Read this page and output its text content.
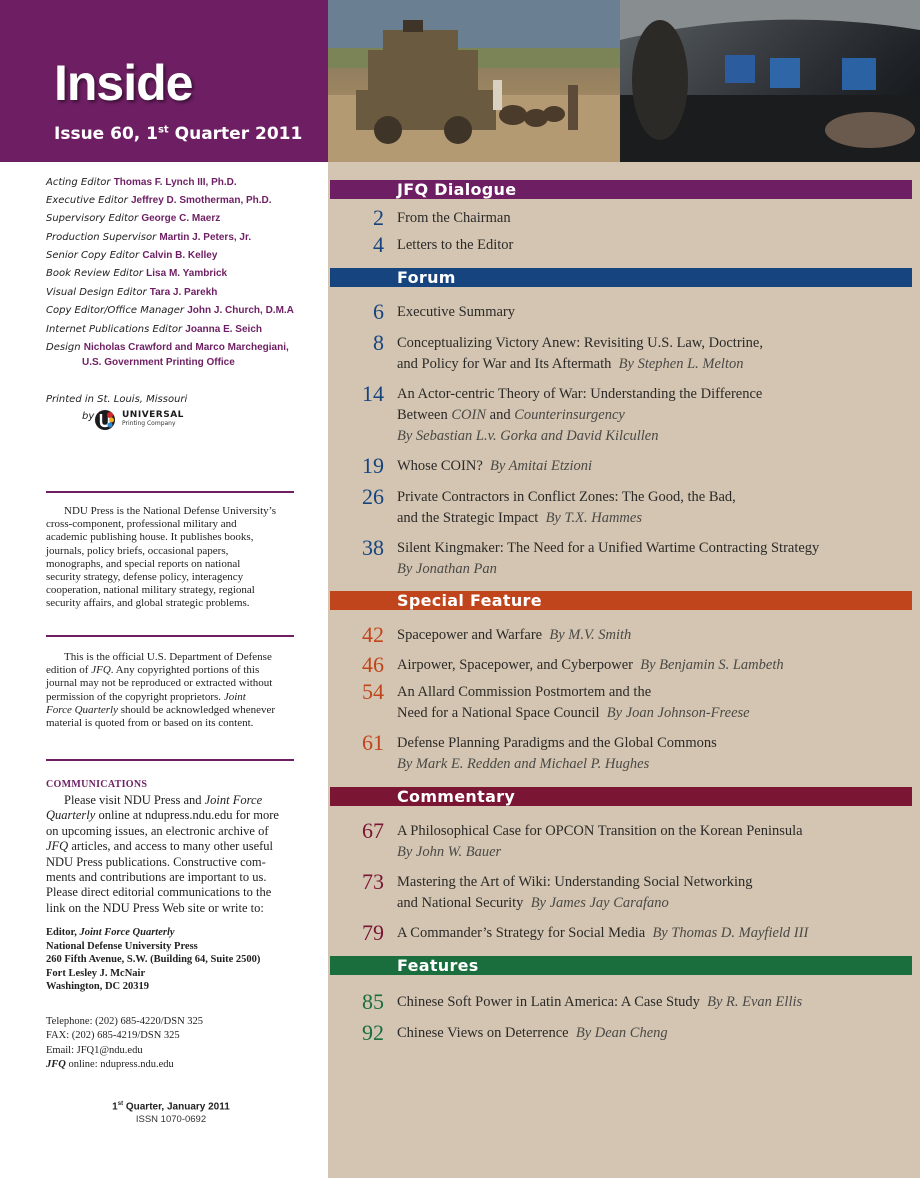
Inside
Issue 60, 1st Quarter 2011
JFQ Dialogue
2 From the Chairman
4 Letters to the Editor
Forum
6 Executive Summary
8 Conceptualizing Victory Anew: Revisiting U.S. Law, Doctrine,
and Policy for War and Its Aftermath By Stephen L. Melton
14 An Actor-centric Theory of War: Understanding the Difference
Between COIN and Counterinsurgency
By Sebastian L.v. Gorka and David Kilcullen
19 Whose COIN? By Amitai Etzioni
26 Private Contractors in Conflict Zones: The Good, the Bad,
and the Strategic Impact By T.X. Hammes
38 Silent Kingmaker: The Need for a Unified Wartime Contracting Strategy
By Jonathan Pan
Special Feature
42 Spacepower and Warfare By M.V. Smith
46 Airpower, Spacepower, and Cyberpower By Benjamin S. Lambeth
54 An Allard Commission Postmortem and the
Need for a National Space Council By Joan Johnson-Freese
61 Defense Planning Paradigms and the Global Commons
By Mark E. Redden and Michael P. Hughes
Commentary
67 A Philosophical Case for OPCON Transition on the Korean Peninsula
By John W. Bauer
73 Mastering the Art of Wiki: Understanding Social Networking
and National Security By James Jay Carafano
79 A Commander’s Strategy for Social Media By Thomas D. Mayfield III
Features
85 Chinese Soft Power in Latin America: A Case Study By R. Evan Ellis
92 Chinese Views on Deterrence By Dean Cheng
Acting Editor Thomas F. Lynch III, Ph.D.
Executive Editor Jeffrey D. Smotherman, Ph.D.
Supervisory Editor George C. Maerz
Production Supervisor Martin J. Peters, Jr.
Senior Copy Editor Calvin B. Kelley
Book Review Editor Lisa M. Yambrick
Visual Design Editor Tara J. Parekh
Copy Editor/Office Manager John J. Church, D.M.A
Internet Publications Editor Joanna E. Seich
Design Nicholas Crawford and Marco Marchegiani,
U.S. Government Printing Office
Printed in St. Louis, Missouri
by	UNIVERSAL
Printing Company
NDU Press is the National Defense University’s
cross-component, professional military and
academic publishing house. It publishes books,
journals, policy briefs, occasional papers,
monographs, and special reports on national
security strategy, defense policy, interagency
cooperation, national military strategy, regional
security affairs, and global strategic problems.
This is the official U.S. Department of Defense
edition of JFQ. Any copyrighted portions of this
journal may not be reproduced or extracted without
permission of the copyright proprietors. Joint
Force Quarterly should be acknowledged whenever
material is quoted from or based on its content.
COMMUNICATIONS
Please visit NDU Press and Joint Force
Quarterly online at ndupress.ndu.edu for more
on upcoming issues, an electronic archive of
JFQ articles, and access to many other useful
NDU Press publications. Constructive com-
ments and contributions are important to us.
Please direct editorial communications to the
link on the NDU Press Web site or write to:
Editor, Joint Force Quarterly
National Defense University Press
260 Fifth Avenue, S.W. (Building 64, Suite 2500)
Fort Lesley J. McNair
Washington, DC 20319
Telephone: (202) 685-4220/DSN 325
FAX: (202) 685-4219/DSN 325
Email: JFQ1@ndu.edu
JFQ online: ndupress.ndu.edu
1st Quarter, January 2011
ISSN 1070-0692
